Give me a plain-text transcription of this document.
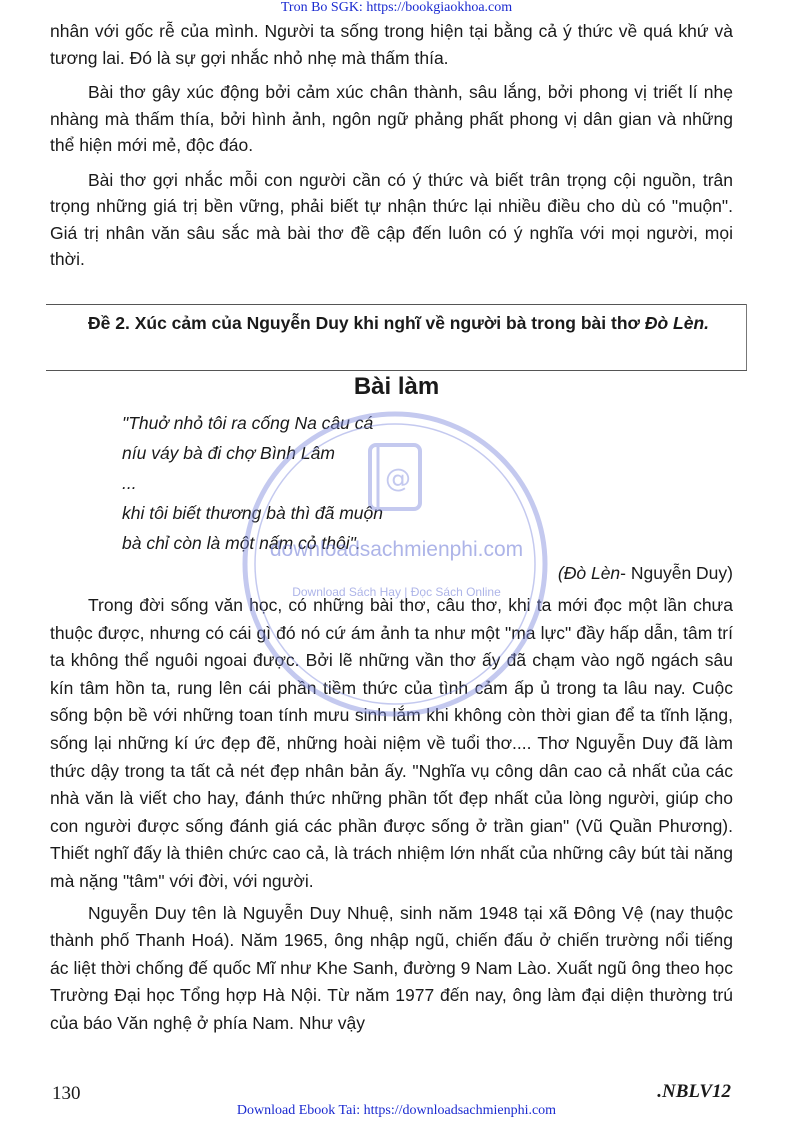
Tron Bo SGK: https://bookgiaokhoa.com

nhân với gốc rễ của mình. Người ta sống trong hiện tại bằng cả ý thức về quá khứ và tương lai. Đó là sự gợi nhắc nhỏ nhẹ mà thấm thía.

Bài thơ gây xúc động bởi cảm xúc chân thành, sâu lắng, bởi phong vị triết lí nhẹ nhàng mà thấm thía, bởi hình ảnh, ngôn ngữ phảng phất phong vị dân gian và những thể hiện mới mẻ, độc đáo.

Bài thơ gợi nhắc mỗi con người cần có ý thức và biết trân trọng cội nguồn, trân trọng những giá trị bền vững, phải biết tự nhận thức lại nhiều điều cho dù có "muộn". Giá trị nhân văn sâu sắc mà bài thơ đề cập đến luôn có ý nghĩa với mọi người, mọi thời.

Đề 2. Xúc cảm của Nguyễn Duy khi nghĩ về người bà trong bài thơ Đò Lèn.
Bài làm
"Thuở nhỏ tôi ra cống Na câu cá
níu váy bà đi chợ Bình Lâm
...
khi tôi biết thương bà thì đã muộn
bà chỉ còn là một nấm cỏ thôi".
(Đò Lèn- Nguyễn Duy)

Trong đời sống văn học, có những bài thơ, câu thơ, khi ta mới đọc một lần chưa thuộc được, nhưng có cái gì đó nó cứ ám ảnh ta như một "ma lực" đầy hấp dẫn, tâm trí ta không thể nguôi ngoai được. Bởi lẽ những vần thơ ấy đã chạm vào ngõ ngách sâu kín tâm hồn ta, rung lên cái phần tiềm thức của tình cảm ấp ủ trong ta lâu nay. Cuộc sống bộn bề với những toan tính mưu sinh lắm khi không còn thời gian để ta tĩnh lặng, sống lại những kí ức đẹp đẽ, những hoài niệm về tuổi thơ.... Thơ Nguyễn Duy đã làm thức dậy trong ta tất cả nét đẹp nhân bản ấy. "Nghĩa vụ công dân cao cả nhất của các nhà văn là viết cho hay, đánh thức những phần tốt đẹp nhất của lòng người, giúp cho con người được sống đánh giá các phần được sống ở trần gian" (Vũ Quần Phương). Thiết nghĩ đấy là thiên chức cao cả, là trách nhiệm lớn nhất của những cây bút tài năng mà nặng "tâm" với đời, với người.

Nguyễn Duy tên là Nguyễn Duy Nhuệ, sinh năm 1948 tại xã Đông Vệ (nay thuộc thành phố Thanh Hoá). Năm 1965, ông nhập ngũ, chiến đấu ở chiến trường nổi tiếng ác liệt thời chống đế quốc Mĩ như Khe Sanh, đường 9 Nam Lào. Xuất ngũ ông theo học Trường Đại học Tổng hợp Hà Nội. Từ năm 1977 đến nay, ông làm đại diện thường trú của báo Văn nghệ ở phía Nam. Như vậy

@
downloadsachmienphi.com
Download Sách Hay | Đọc Sách Online
130	.NBLV12
Download Ebook Tai: https://downloadsachmienphi.com
